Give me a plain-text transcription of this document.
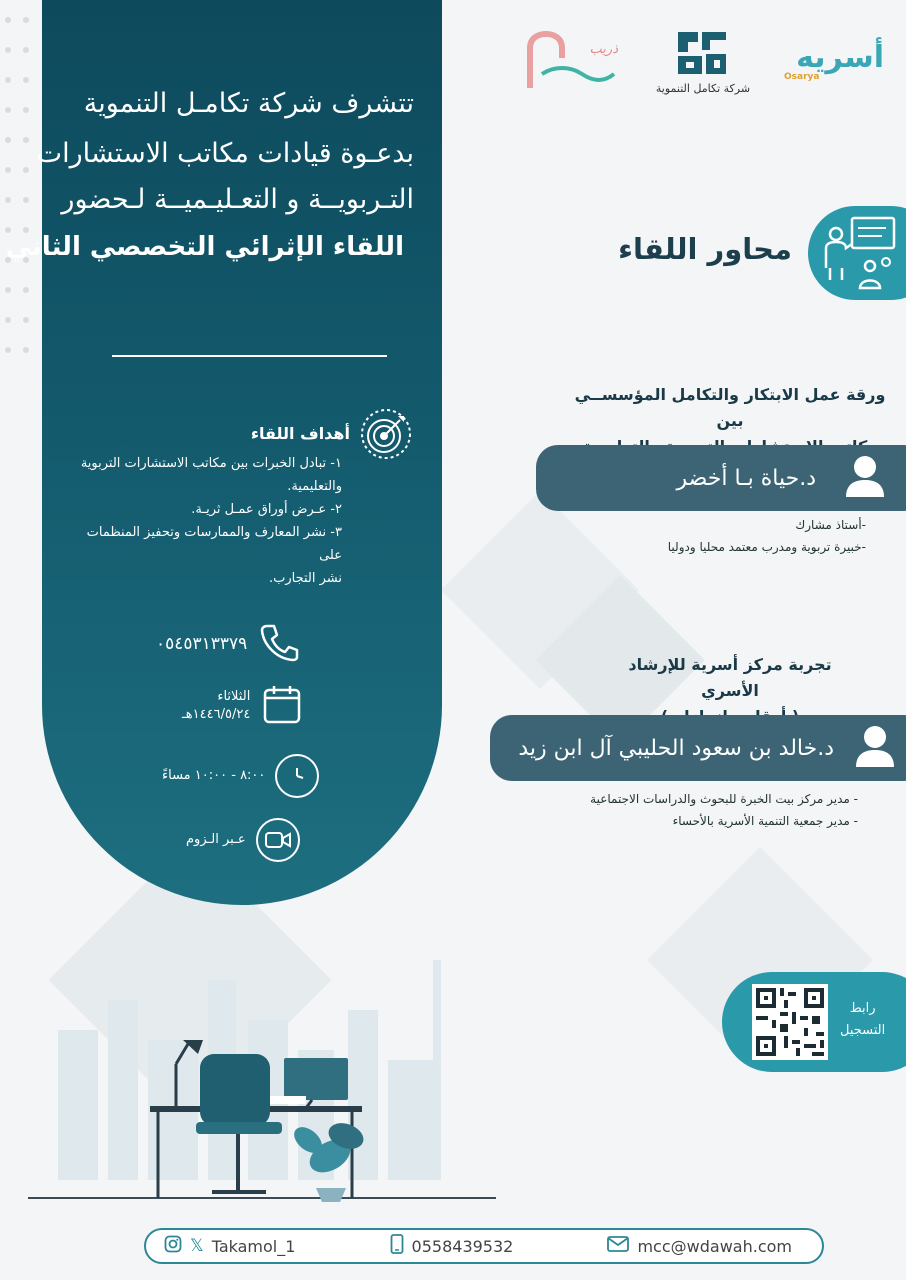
تتشرف شركة تكامـل التنموية
بدعـوة قيادات مكاتب الاستشارات
التـربويــة و التعـليـميــة لـحضور
اللقاء الإثرائي التخصصي الثاني
أهداف اللقاء
١- تبادل الخبرات بين مكاتب الاستشارات التربوية
والتعليمية.
٢- عـرض أوراق عمـل ثريـة.
٣- نشر المعارف والممارسات وتحفيز المنظمات على
نشر التجارب.
٠٥٤٥٣١٣٣٧٩
الثلاثاء
١٤٤٦/٥/٢٤هـ
٨:٠٠ - ١٠:٠٠ مساءً
عـبر الـزوم
ذريب
شركة تكامل التنموية
أسريه
Osarya
محاور اللقاء
ورقة عمل الابتكار والتكامل المؤسســي بين
د.حياة بـا أخضر
-أستاذ مشارك
-خبيرة تربوية ومدرب معتمد محليا ودوليا
تجربة مركز أسرية للإرشاد الأسري
د.خالد بن سعود الحليبي آل ابن زيد
- مدير مركز بيت الخبرة للبحوث والدراسات الاجتماعية
- مدير جمعية التنمية الأسرية بالأحساء
رابط
التسجيل
𝕏 Takamol_1	0558439532	mcc@wdawah.com
